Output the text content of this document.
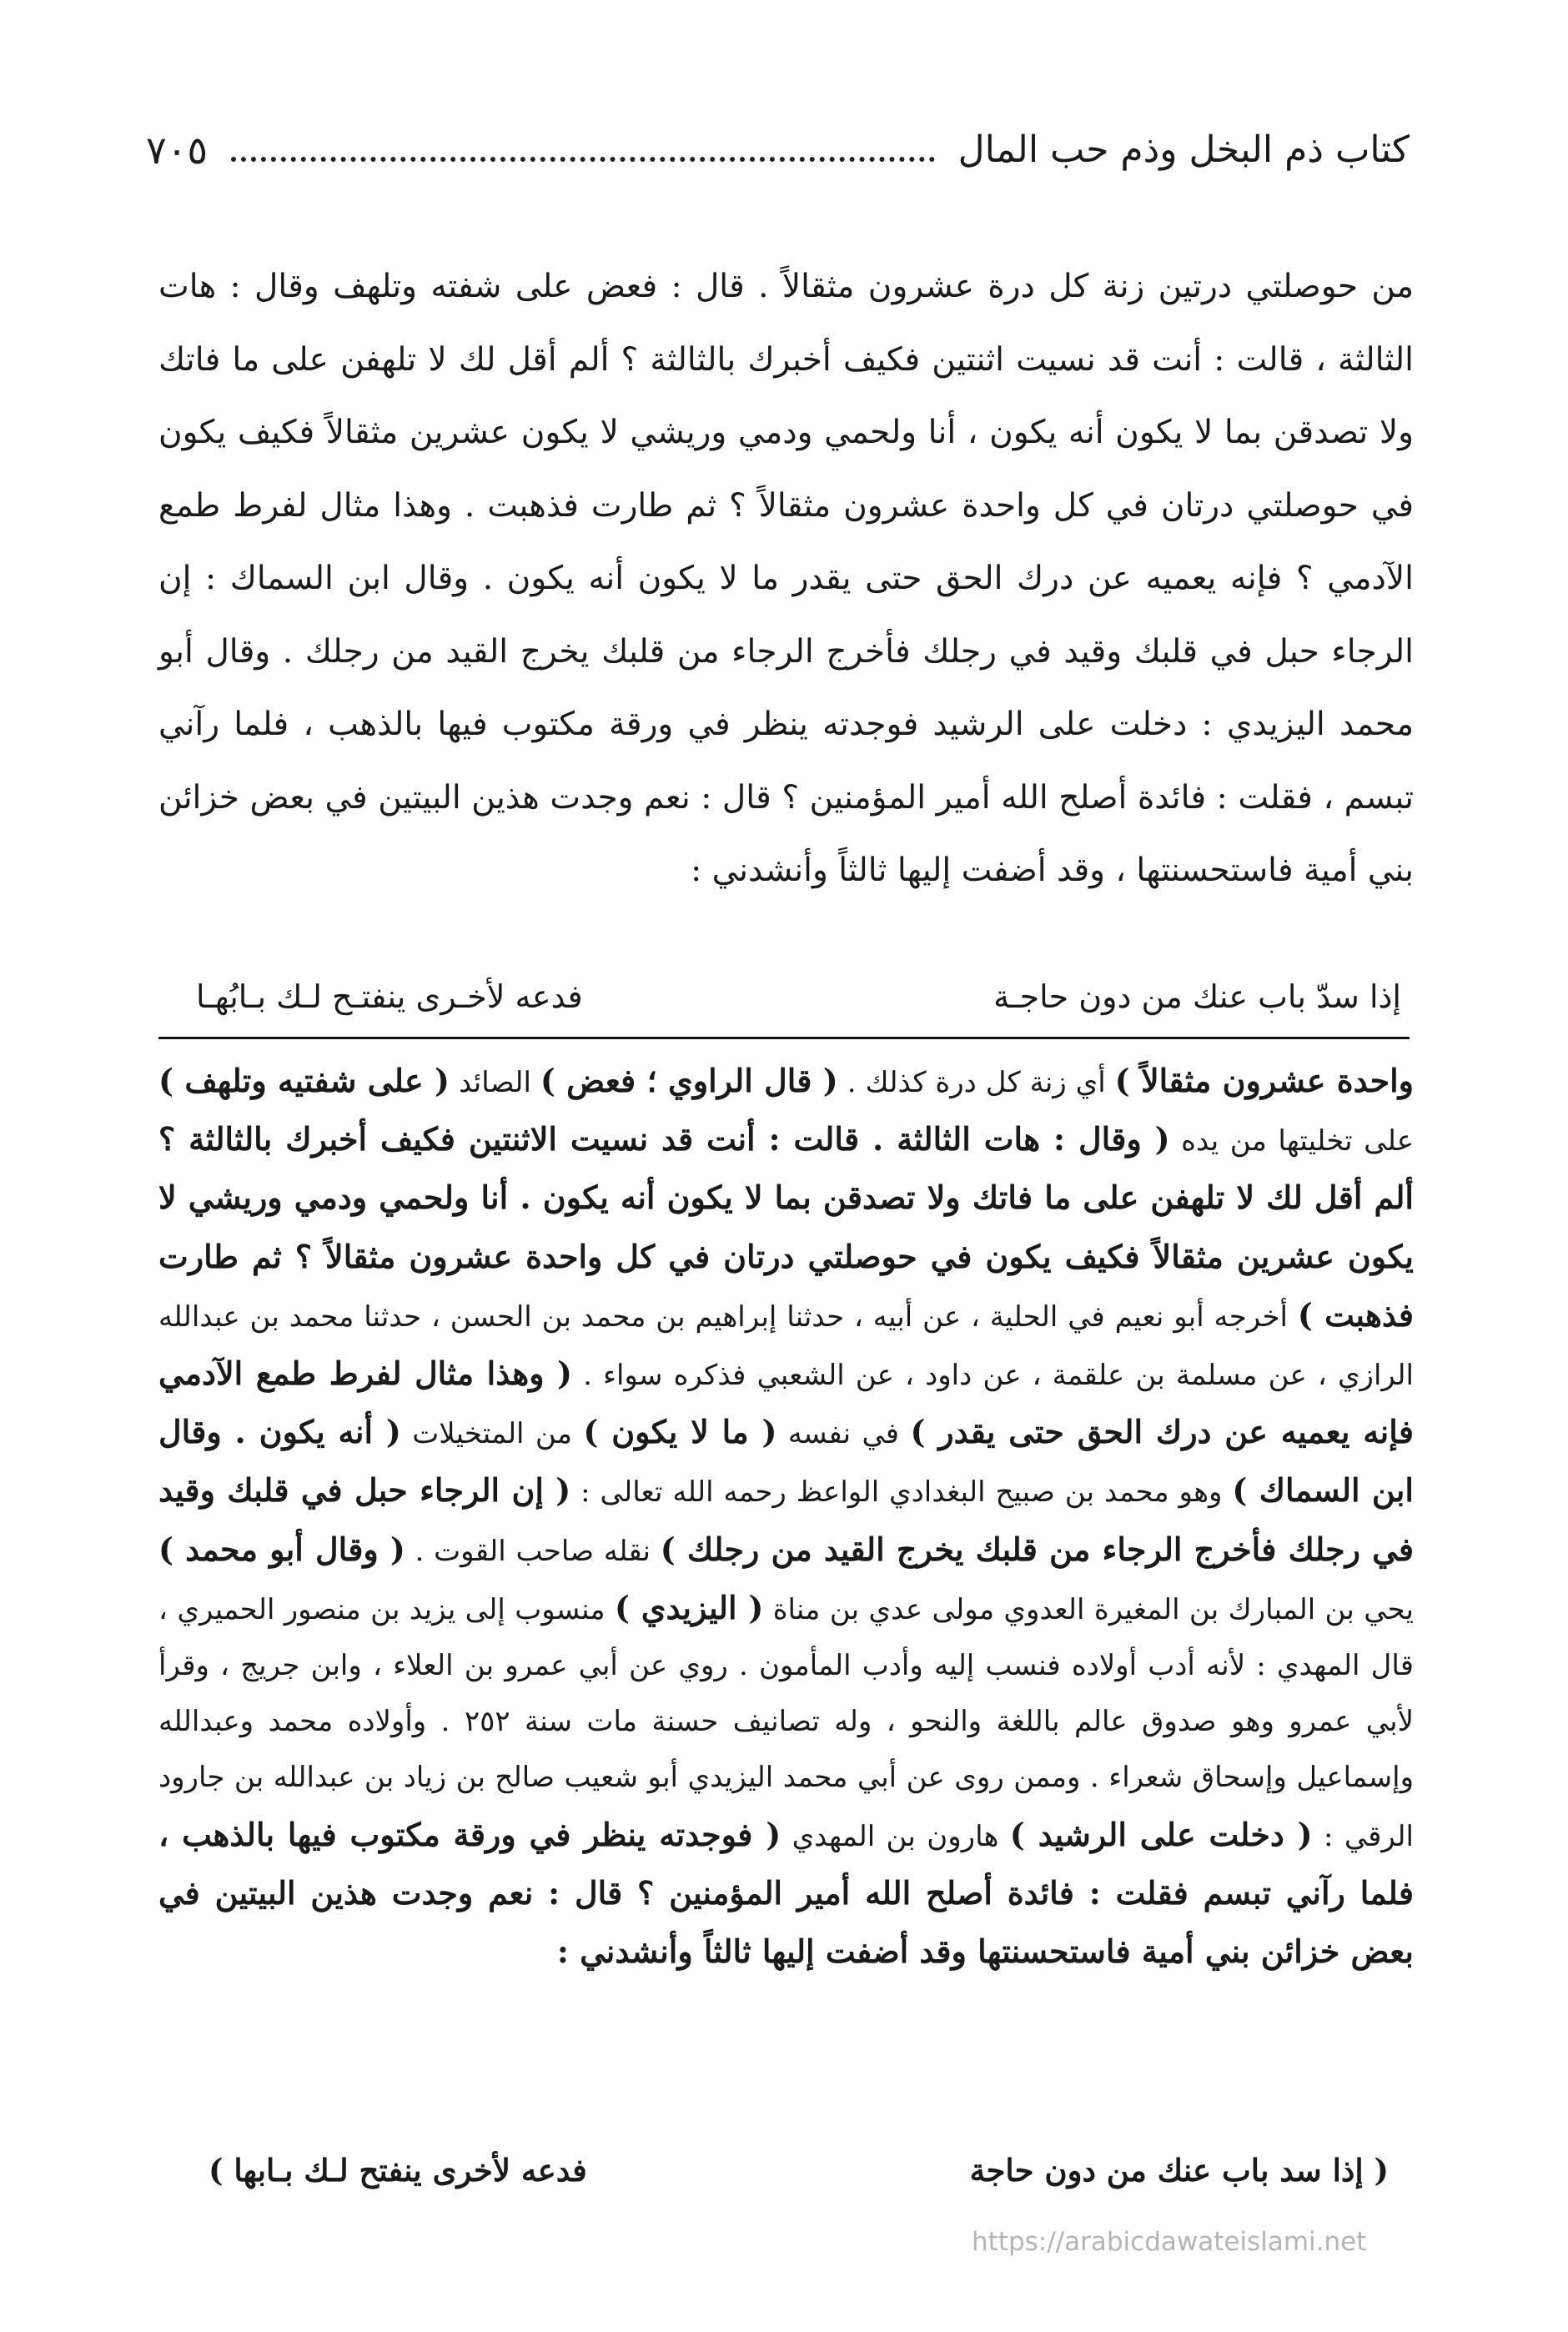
كتاب ذم البخل وذم حب المال
٧٠٥

من حوصلتي درتين زنة كل درة عشرون مثقالاً . قال : فعض على شفته وتلهف وقال : هات الثالثة ، قالت : أنت قد نسيت اثنتين فكيف أخبرك بالثالثة ؟ ألم أقل لك لا تلهفن على ما فاتك ولا تصدقن بما لا يكون أنه يكون ، أنا ولحمي ودمي وريشي لا يكون عشرين مثقالاً فكيف يكون في حوصلتي درتان في كل واحدة عشرون مثقالاً ؟ ثم طارت فذهبت . وهذا مثال لفرط طمع الآدمي ؟ فإنه يعميه عن درك الحق حتى يقدر ما لا يكون أنه يكون . وقال ابن السماك : إن الرجاء حبل في قلبك وقيد في رجلك فأخرج الرجاء من قلبك يخرج القيد من رجلك . وقال أبو محمد اليزيدي : دخلت على الرشيد فوجدته ينظر في ورقة مكتوب فيها بالذهب ، فلما رآني تبسم ، فقلت : فائدة أصلح الله أمير المؤمنين ؟ قال : نعم وجدت هذين البيتين في بعض خزائن بني أمية فاستحسنتها ، وقد أضفت إليها ثالثاً وأنشدني :

إذا سدّ باب عنك من دون حاجـة
فدعه لأخـرى ينفتـح لـك بـابُهـا

واحدة عشرون مثقالاً ) أي زنة كل درة كذلك . ( قال الراوي ؛ فعض ) الصائد ( على شفتيه وتلهف ) على تخليتها من يده ( وقال : هات الثالثة . قالت : أنت قد نسيت الاثنتين فكيف أخبرك بالثالثة ؟ ألم أقل لك لا تلهفن على ما فاتك ولا تصدقن بما لا يكون أنه يكون . أنا ولحمي ودمي وريشي لا يكون عشرين مثقالاً فكيف يكون في حوصلتي درتان في كل واحدة عشرون مثقالاً ؟ ثم طارت فذهبت ) أخرجه أبو نعيم في الحلية ، عن أبيه ، حدثنا إبراهيم بن محمد بن الحسن ، حدثنا محمد بن عبدالله الرازي ، عن مسلمة بن علقمة ، عن داود ، عن الشعبي فذكره سواء . ( وهذا مثال لفرط طمع الآدمي فإنه يعميه عن درك الحق حتى يقدر ) في نفسه ( ما لا يكون ) من المتخيلات ( أنه يكون . وقال ابن السماك ) وهو محمد بن صبيح البغدادي الواعظ رحمه الله تعالى : ( إن الرجاء حبل في قلبك وقيد في رجلك فأخرج الرجاء من قلبك يخرج القيد من رجلك ) نقله صاحب القوت . ( وقال أبو محمد ) يحي بن المبارك بن المغيرة العدوي مولى عدي بن مناة ( اليزيدي ) منسوب إلى يزيد بن منصور الحميري ، قال المهدي : لأنه أدب أولاده فنسب إليه وأدب المأمون . روي عن أبي عمرو بن العلاء ، وابن جريج ، وقرأ لأبي عمرو وهو صدوق عالم باللغة والنحو ، وله تصانيف حسنة مات سنة ٢٥٢ . وأولاده محمد وعبدالله وإسماعيل وإسحاق شعراء . وممن روى عن أبي محمد اليزيدي أبو شعيب صالح بن زياد بن عبدالله بن جارود الرقي : ( دخلت على الرشيد ) هارون بن المهدي ( فوجدته ينظر في ورقة مكتوب فيها بالذهب ، فلما رآني تبسم فقلت : فائدة أصلح الله أمير المؤمنين ؟ قال : نعم وجدت هذين البيتين في بعض خزائن بني أمية فاستحسنتها وقد أضفت إليها ثالثاً وأنشدني :

( إذا سد باب عنك من دون حاجة
فدعه لأخرى ينفتح لـك بـابها )
https://arabicdawateislami.net
